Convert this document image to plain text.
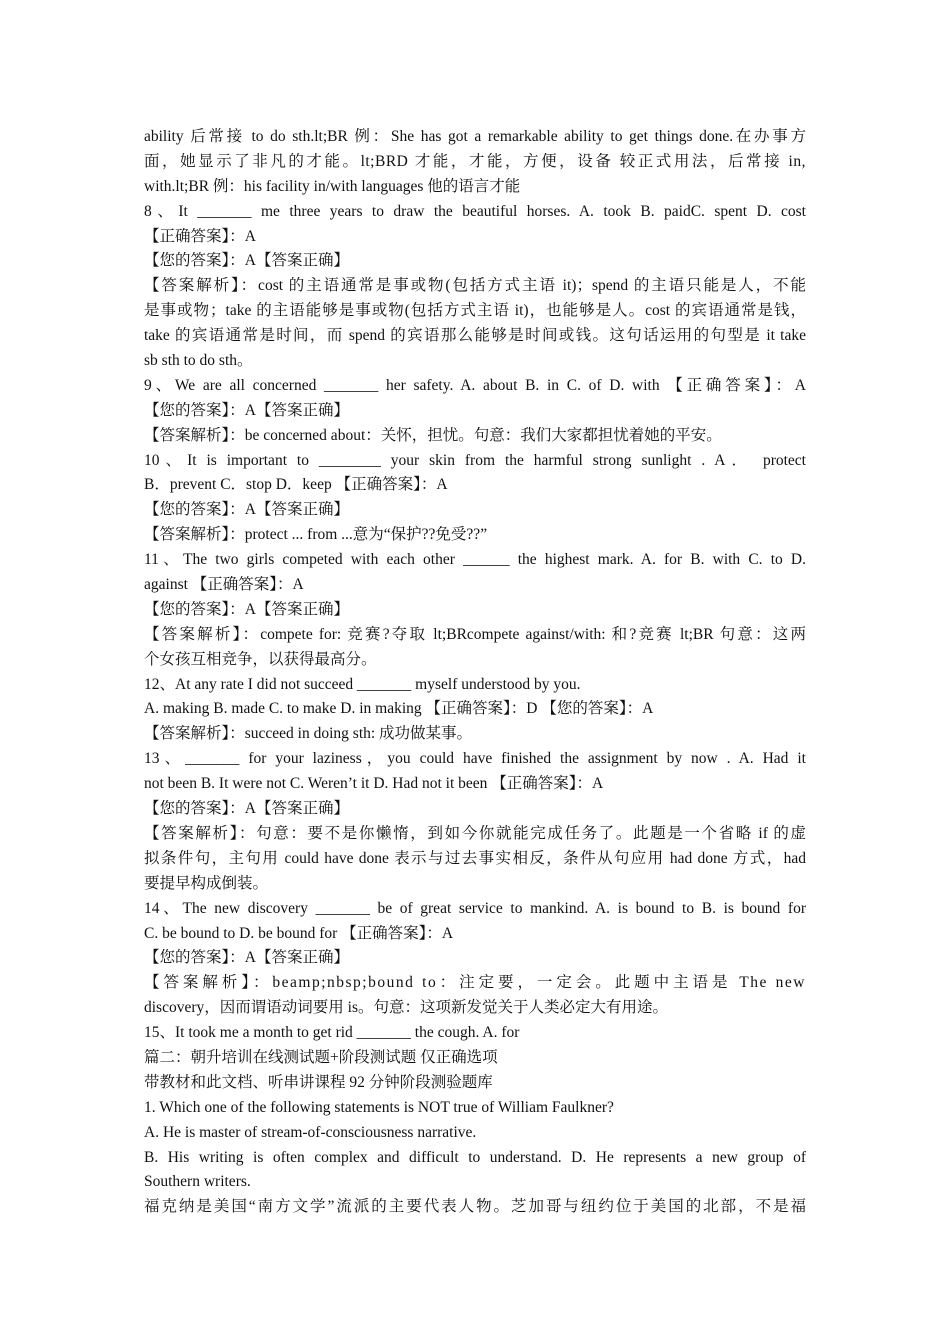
ability 后常接 to do sth.lt;BR 例：She has got a remarkable ability to get things done.在办事方
面，她显示了非凡的才能。lt;BRD 才能，才能，方便，设备 较正式用法，后常接 in,
with.lt;BR 例：his facility in/with languages 他的语言才能
8、It _______ me three years to draw the beautiful horses. A. took B. paidC. spent D. cost
【正确答案】：A
【您的答案】：A【答案正确】
【答案解析】：cost 的主语通常是事或物(包括方式主语 it)；spend 的主语只能是人，不能
是事或物；take 的主语能够是事或物(包括方式主语 it)，也能够是人。cost 的宾语通常是钱，
take 的宾语通常是时间，而 spend 的宾语那么能够是时间或钱。这句话运用的句型是 it take
sb sth to do sth。
9、We are all concerned _______ her safety. A. about B. in C. of D. with 【正确答案】：A
【您的答案】：A【答案正确】
【答案解析】：be concerned about：关怀，担忧。句意：我们大家都担忧着她的平安。
10、It is important to ________ your skin from the harmful strong sunlight . A． protect
B．prevent C．stop D．keep 【正确答案】：A
【您的答案】：A【答案正确】
【答案解析】：protect ... from ...意为“保护??免受??”
11、The two girls competed with each other ______ the highest mark. A. for B. with C. to D.
against 【正确答案】：A
【您的答案】：A【答案正确】
【答案解析】：compete for: 竞赛?夺取 lt;BRcompete against/with: 和?竞赛 lt;BR 句意：这两
个女孩互相竞争，以获得最高分。
12、At any rate I did not succeed _______ myself understood by you.
A. making B. made C. to make D. in making 【正确答案】：D 【您的答案】：A
【答案解析】：succeed in doing sth: 成功做某事。
13、_______ for your laziness，you could have finished the assignment by now . A. Had it
not been B. It were not C. Weren’t it D. Had not it been 【正确答案】：A
【您的答案】：A【答案正确】
【答案解析】：句意：要不是你懒惰，到如今你就能完成任务了。此题是一个省略 if 的虚
拟条件句，主句用 could have done 表示与过去事实相反，条件从句应用 had done 方式，had
要提早构成倒装。
14、The new discovery _______ be of great service to mankind. A. is bound to B. is bound for
C. be bound to D. be bound for 【正确答案】：A
【您的答案】：A【答案正确】
【答案解析】：beamp;nbsp;bound to：注定要，一定会。此题中主语是 The new
discovery，因而谓语动词要用 is。句意：这项新发觉关于人类必定大有用途。
15、It took me a month to get rid _______ the cough. A. for
篇二：朝升培训在线测试题+阶段测试题 仅正确选项
带教材和此文档、听串讲课程 92 分钟阶段测验题库
1. Which one of the following statements is NOT true of William Faulkner?
A. He is master of stream-of-consciousness narrative.
B. His writing is often complex and difficult to understand. D. He represents a new group of
Southern writers.
福克纳是美国“南方文学”流派的主要代表人物。芝加哥与纽约位于美国的北部，不是福
